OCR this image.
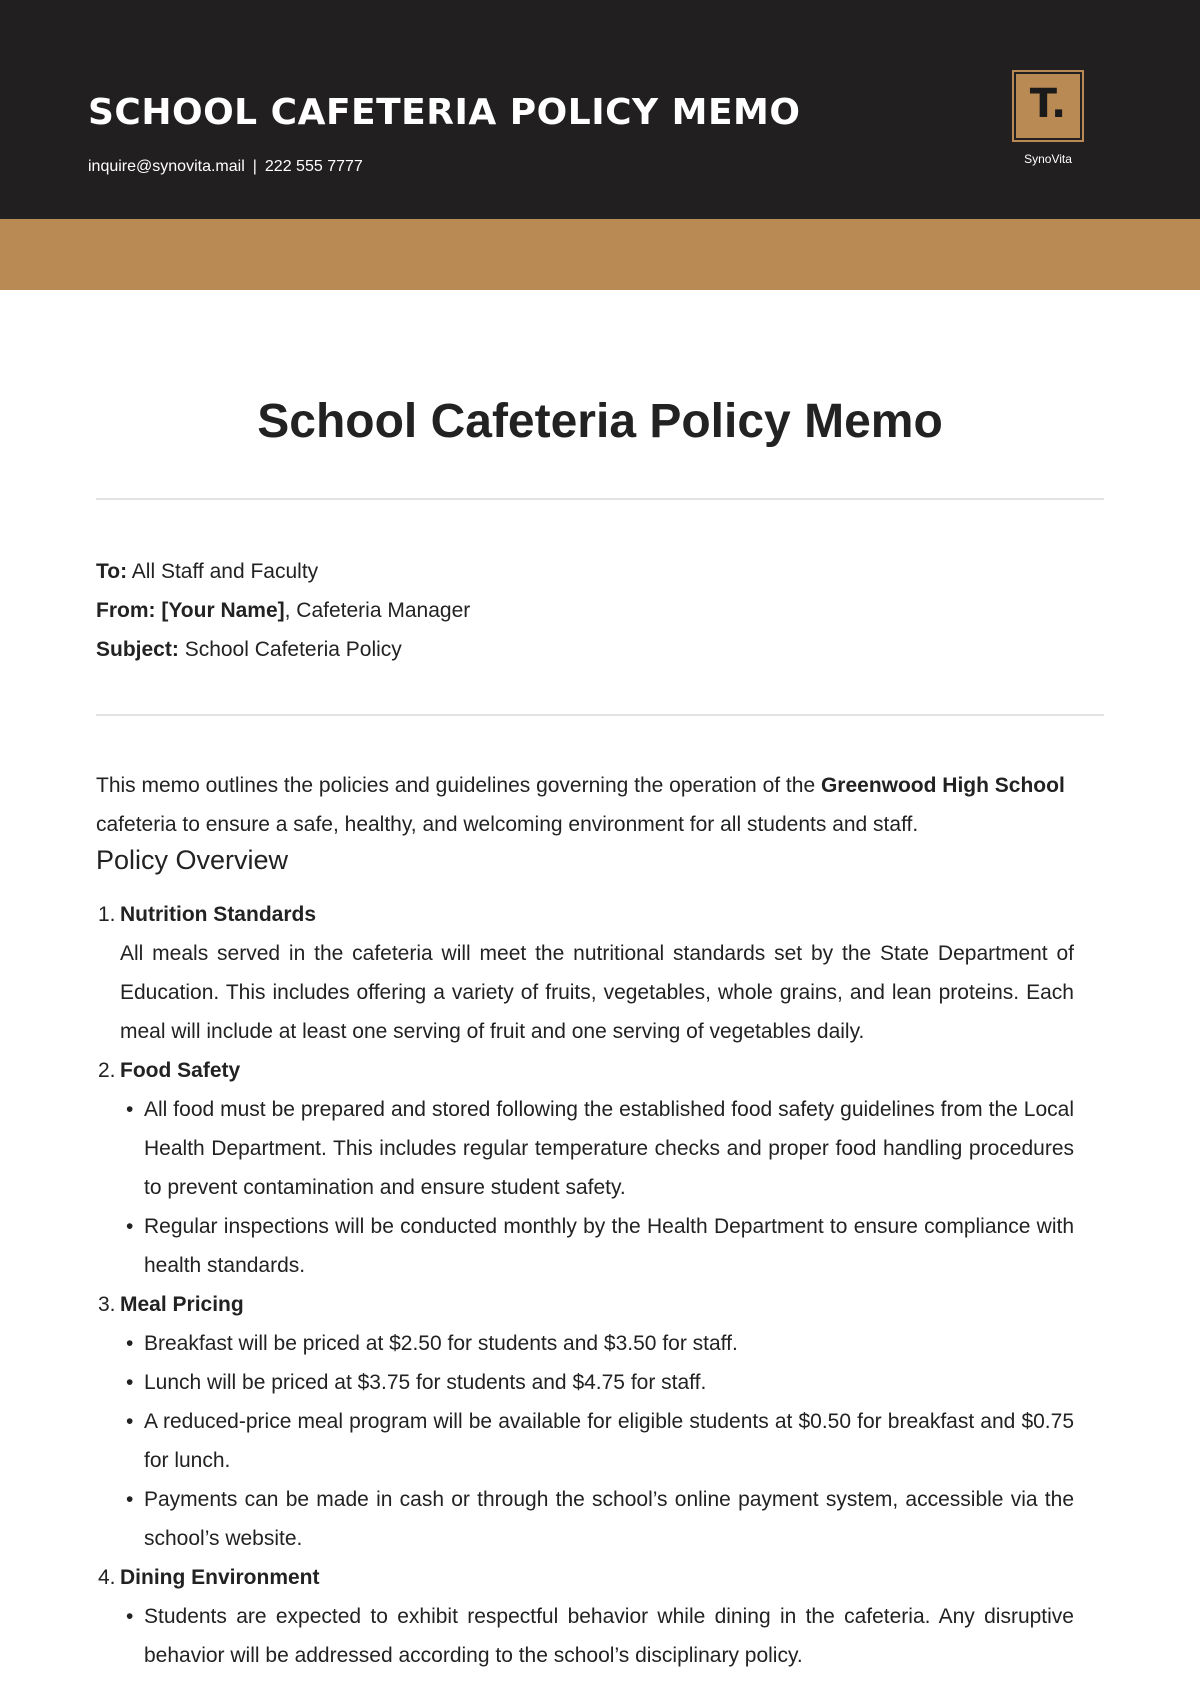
SCHOOL CAFETERIA POLICY MEMO
inquire@synovita.mail | 222 555 7777
T.
SynoVita
School Cafeteria Policy Memo
To: All Staff and Faculty
From: [Your Name], Cafeteria Manager
Subject: School Cafeteria Policy

This memo outlines the policies and guidelines governing the operation of the Greenwood High School cafeteria to ensure a safe, healthy, and welcoming environment for all students and staff.

Policy Overview
1. Nutrition Standards
All meals served in the cafeteria will meet the nutritional standards set by the State Department of Education. This includes offering a variety of fruits, vegetables, whole grains, and lean proteins. Each meal will include at least one serving of fruit and one serving of vegetables daily.
2. Food Safety
• All food must be prepared and stored following the established food safety guidelines from the Local Health Department. This includes regular temperature checks and proper food handling procedures to prevent contamination and ensure student safety.
• Regular inspections will be conducted monthly by the Health Department to ensure compliance with health standards.
3. Meal Pricing
• Breakfast will be priced at $2.50 for students and $3.50 for staff.
• Lunch will be priced at $3.75 for students and $4.75 for staff.
• A reduced-price meal program will be available for eligible students at $0.50 for breakfast and $0.75 for lunch.
• Payments can be made in cash or through the school’s online payment system, accessible via the school’s website.
4. Dining Environment
• Students are expected to exhibit respectful behavior while dining in the cafeteria. Any disruptive behavior will be addressed according to the school’s disciplinary policy.
